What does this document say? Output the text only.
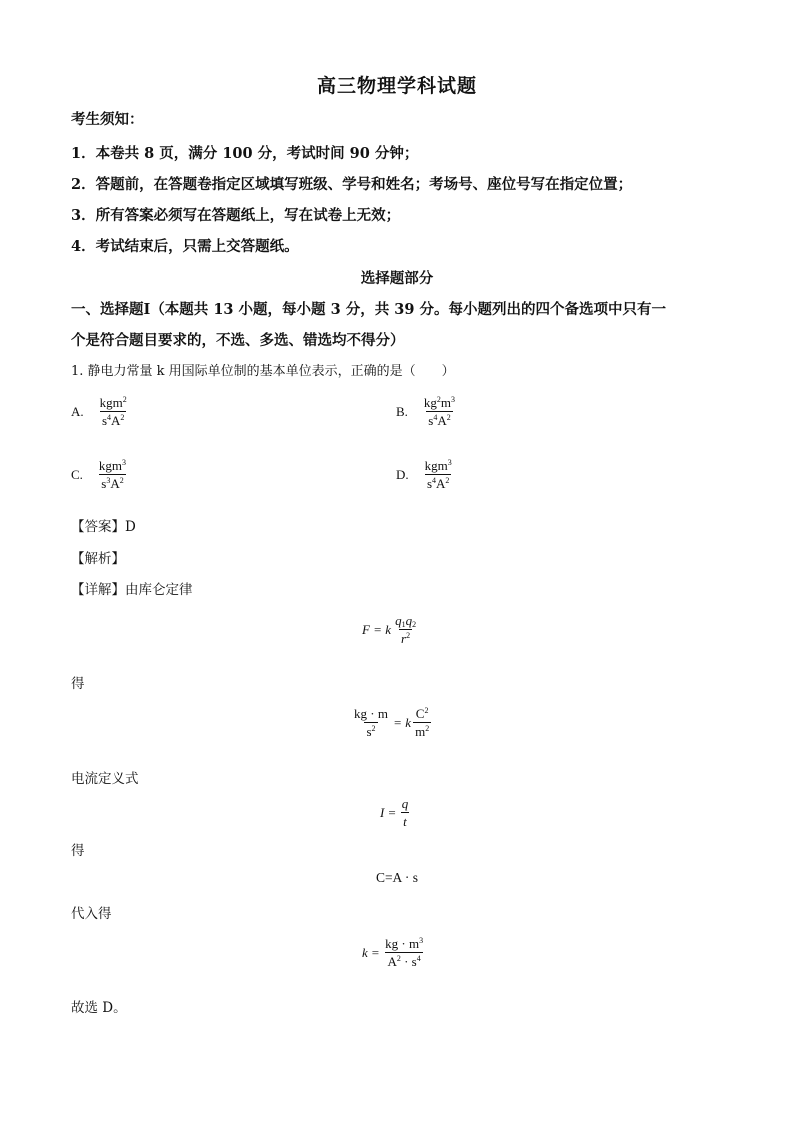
高三物理学科试题
考生须知：
1．本卷共 8 页，满分 100 分，考试时间 90 分钟；
2．答题前，在答题卷指定区域填写班级、学号和姓名；考场号、座位号写在指定位置；
3．所有答案必须写在答题纸上，写在试卷上无效；
4．考试结束后，只需上交答题纸。
选择题部分
一、选择题Ⅰ（本题共 13 小题，每小题 3 分，共 39 分。每小题列出的四个备选项中只有一
个是符合题目要求的，不选、多选、错选均不得分）
1. 静电力常量 k 用国际单位制的基本单位表示，正确的是（　　）
A. $\frac{kgm^2}{s^4A^2}$	B. $\frac{kg^2m^3}{s^4A^2}$
C. $\frac{kgm^3}{s^3A^2}$	D. $\frac{kgm^3}{s^4A^2}$
【答案】D
【解析】
【详解】由库仑定律
F = k $\frac{q_1q_2}{r^2}$
得
$\frac{kg \cdot m}{s^2} = k \frac{C^2}{m^2}$
电流定义式
$I = \frac{q}{t}$
得
C=A · s
代入得
$k = \frac{kg \cdot m^3}{A^2 \cdot s^4}$
故选 D。
